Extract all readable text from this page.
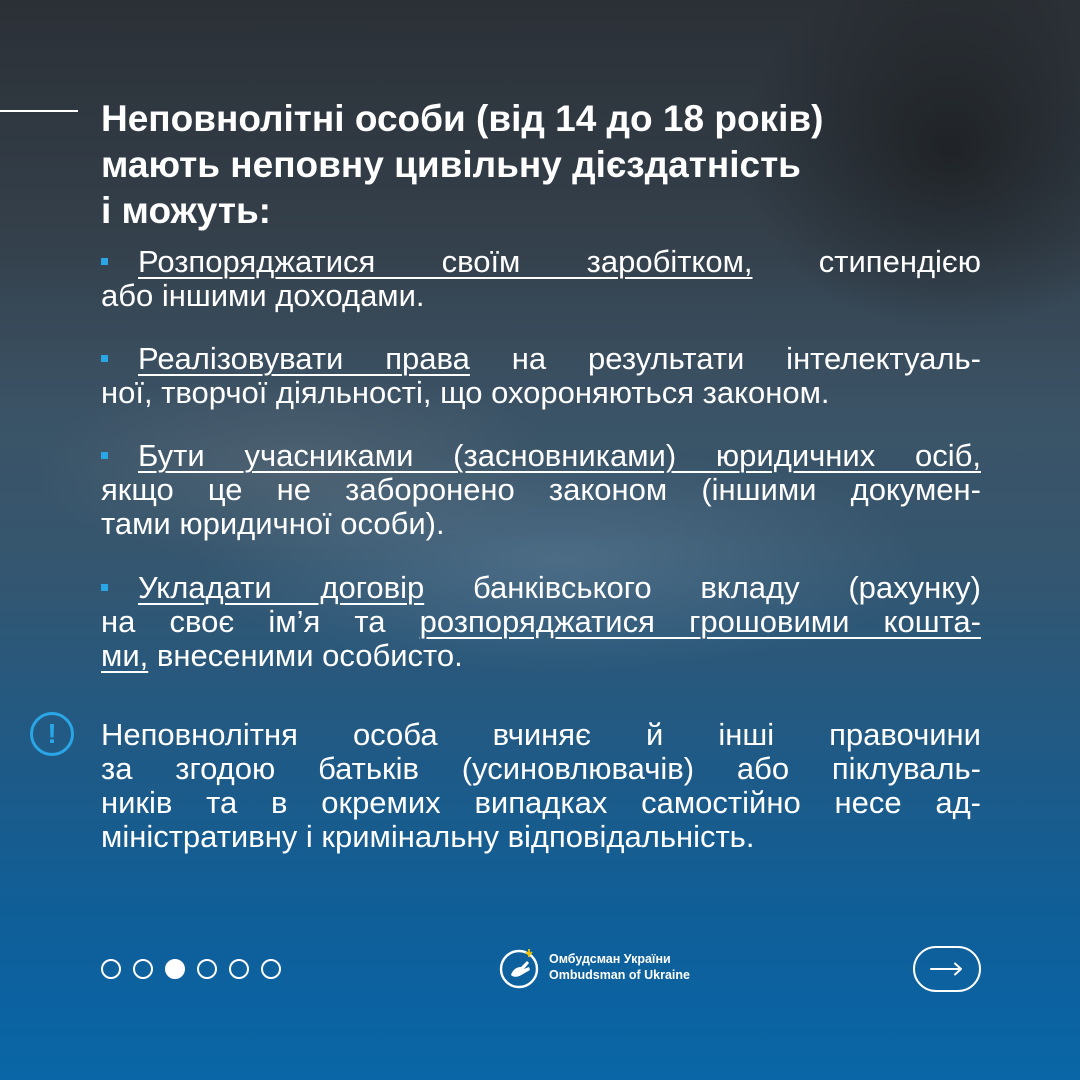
Неповнолітні особи (від 14 до 18 років)
мають неповну цивільну дієздатність
і можуть:
Розпоряджатися своїм заробітком, стипендією
або іншими доходами.
Реалізовувати права на результати інтелектуаль-
ної, творчої діяльності, що охороняються законом.
Бути учасниками (засновниками) юридичних осіб,
якщо це не заборонено законом (іншими докумен-
тами юридичної особи).
Укладати договір банківського вкладу (рахунку)
на своє ім’я та розпоряджатися грошовими кошта-
ми, внесеними особисто.
!	Неповнолітня особа вчиняє й інші правочини
за згодою батьків (усиновлювачів) або піклуваль-
ників та в окремих випадках самостійно несе ад-
міністративну і кримінальну відповідальність.
Омбудсман України
Ombudsman of Ukraine
